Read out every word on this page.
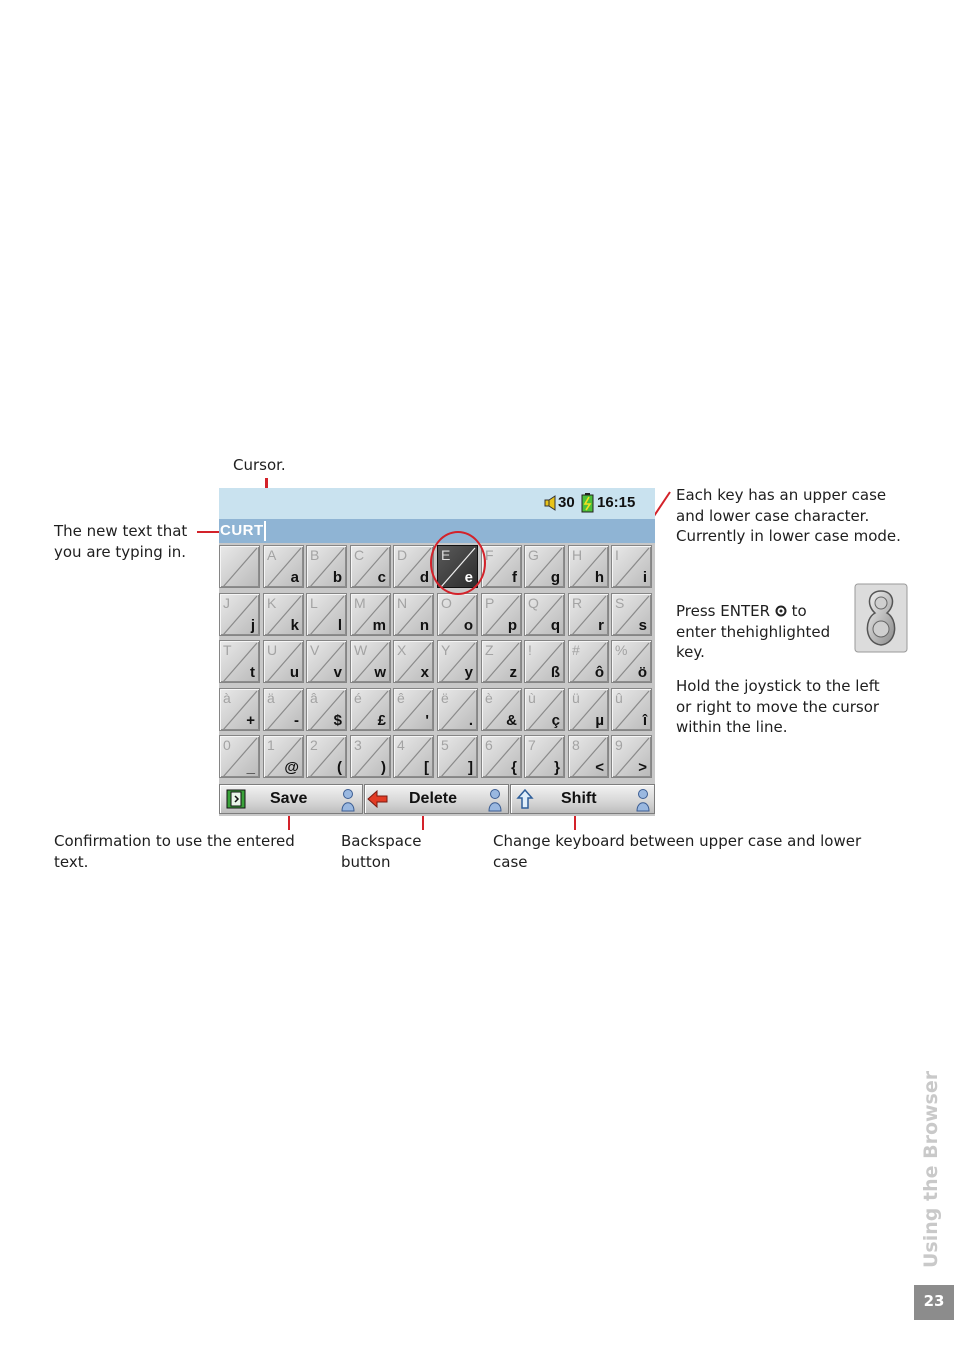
Cursor.
The new text that you are typing in.
Each key has an upper case and lower case character. Currently in lower case mode.
Press ENTER to enter thehighlighted key.
Hold the joystick to the left or right to move the cursor within the line.
Confirmation to use the entered text.
Backspace button
Change keyboard between upper case and lower case
30 16:15
CURT
A
a
B
b
C
c
D
d
E
e
F
f
G
g
H
h
I
i
J
j
K
k
L
l
M
m
N
n
O
o
P
p
Q
q
R
r
S
s
T
t
U
u
V
v
W
w
X
x
Y
y
Z
z
!
ß
#
ô
%
ö
à
+
ä
-
â
$
é
£
ê
'
ë
.
è
&
ù
ç
ü
µ
û
î
0
_
1
@
2
(
3
)
4
[
5
]
6
{
7
}
8
<
9
>
Save	Delete	Shift
Using the Browser
23
